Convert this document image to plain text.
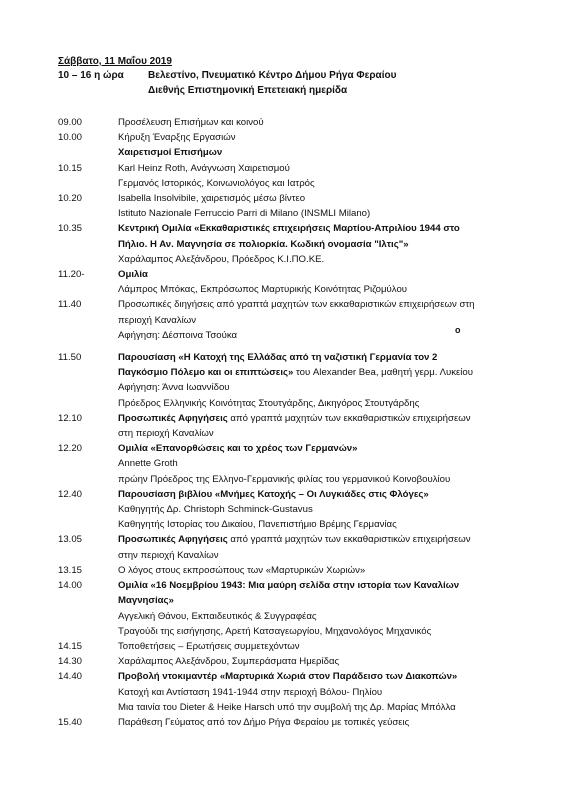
Σάββατο, 11 Μαΐου 2019
10 – 16 η ώρα Βελεστίνο, Πνευματικό Κέντρο Δήμου Ρήγα Φεραίου
Διεθνής Επιστημονική Επετειακή ημερίδα
09.00	Προσέλευση Επισήμων και κοινού
10.00	Κήρυξη Έναρξης Εργασιών
Χαιρετισμοί Επισήμων
10.15	Karl Heinz Roth, Ανάγνωση Χαιρετισμού
Γερμανός Ιστορικός, Κοινωνιολόγος και Ιατρός
10.20	Isabella Insolvibile, χαιρετισμός μέσω βίντεο
Istituto Nazionale Ferruccio Parri di Milano (INSMLI Milano)
10.35	Κεντρική Ομιλία «Εκκαθαριστικές επιχειρήσεις Μαρτίου-Απριλίου 1944 στο
Πήλιο. Η Αν. Μαγνησία σε πολιορκία. Κωδική ονομασία "Ιλτις"»
Χαράλαμπος Αλεξάνδρου, Πρόεδρος Κ.Ι.ΠΟ.ΚΕ.
11.20-	Ομιλία
Λάμπρος Μπόκας, Εκπρόσωπος Μαρτυρικής Κοινότητας Ριζομύλου
11.40	Προσωπικές διηγήσεις από γραπτά μαχητών των εκκαθαριστικών επιχειρήσεων στη
περιοχή Καναλίων
Αφήγηση: Δέσποινα Τσούκα
11.50	Παρουσίαση «Η Κατοχή της Ελλάδας από τη ναζιστική Γερμανία τον 2
Παγκόσμιο Πόλεμο και οι επιπτώσεις» του Alexander Bea, μαθητή γερμ. Λυκείου
Αφήγηση: Άννα Ιωαννίδου
Πρόεδρος Ελληνικής Κοινότητας Στουτγάρδης, Δικηγόρος Στουτγάρδης
12.10	Προσωπικές Αφηγήσεις από γραπτά μαχητών των εκκαθαριστικών επιχειρήσεων
στη περιοχή Καναλίων
12.20	Ομιλία «Επανορθώσεις και το χρέος των Γερμανών»
Annette Groth
πρώην Πρόεδρος της Ελληνο-Γερμανικής φιλίας του γερμανικού Κοινοβουλίου
12.40	Παρουσίαση βιβλίου «Μνήμες Κατοχής – Οι Λυγκιάδες στις Φλόγες»
Καθηγητής Δρ. Christoph Schminck-Gustavus
Καθηγητής Ιστορίας του Δικαίου, Πανεπιστήμιο Βρέμης Γερμανίας
13.05	Προσωπικές Αφηγήσεις από γραπτά μαχητών των εκκαθαριστικών επιχειρήσεων
στην περιοχή Καναλίων
13.15	Ο λόγος στους εκπροσώπους των «Μαρτυρικών Χωριών»
14.00	Ομιλία «16 Νοεμβρίου 1943: Μια μαύρη σελίδα στην ιστορία των Καναλίων
Μαγνησίας»
Αγγελική Θάνου, Εκπαιδευτικός & Συγγραφέας
Τραγούδι της εισήγησης, Αρετή Κατσαγεωργίου, Μηχανολόγος Μηχανικός
14.15	Τοποθετήσεις – Ερωτήσεις συμμετεχόντων
14.30	Χαράλαμπος Αλεξάνδρου, Συμπεράσματα Ημερίδας
14.40	Προβολή ντοκιμαντέρ «Μαρτυρικά Χωριά στον Παράδεισο των Διακοπών»
Κατοχή και Αντίσταση 1941-1944 στην περιοχή Βόλου- Πηλίου
Μια ταινία του Dieter & Heike Harsch υπό την συμβολή της Δρ. Μαρίας Μπόλλα
15.40	Παράθεση Γεύματος από τον Δήμο Ρήγα Φεραίου με τοπικές γεύσεις
ο
